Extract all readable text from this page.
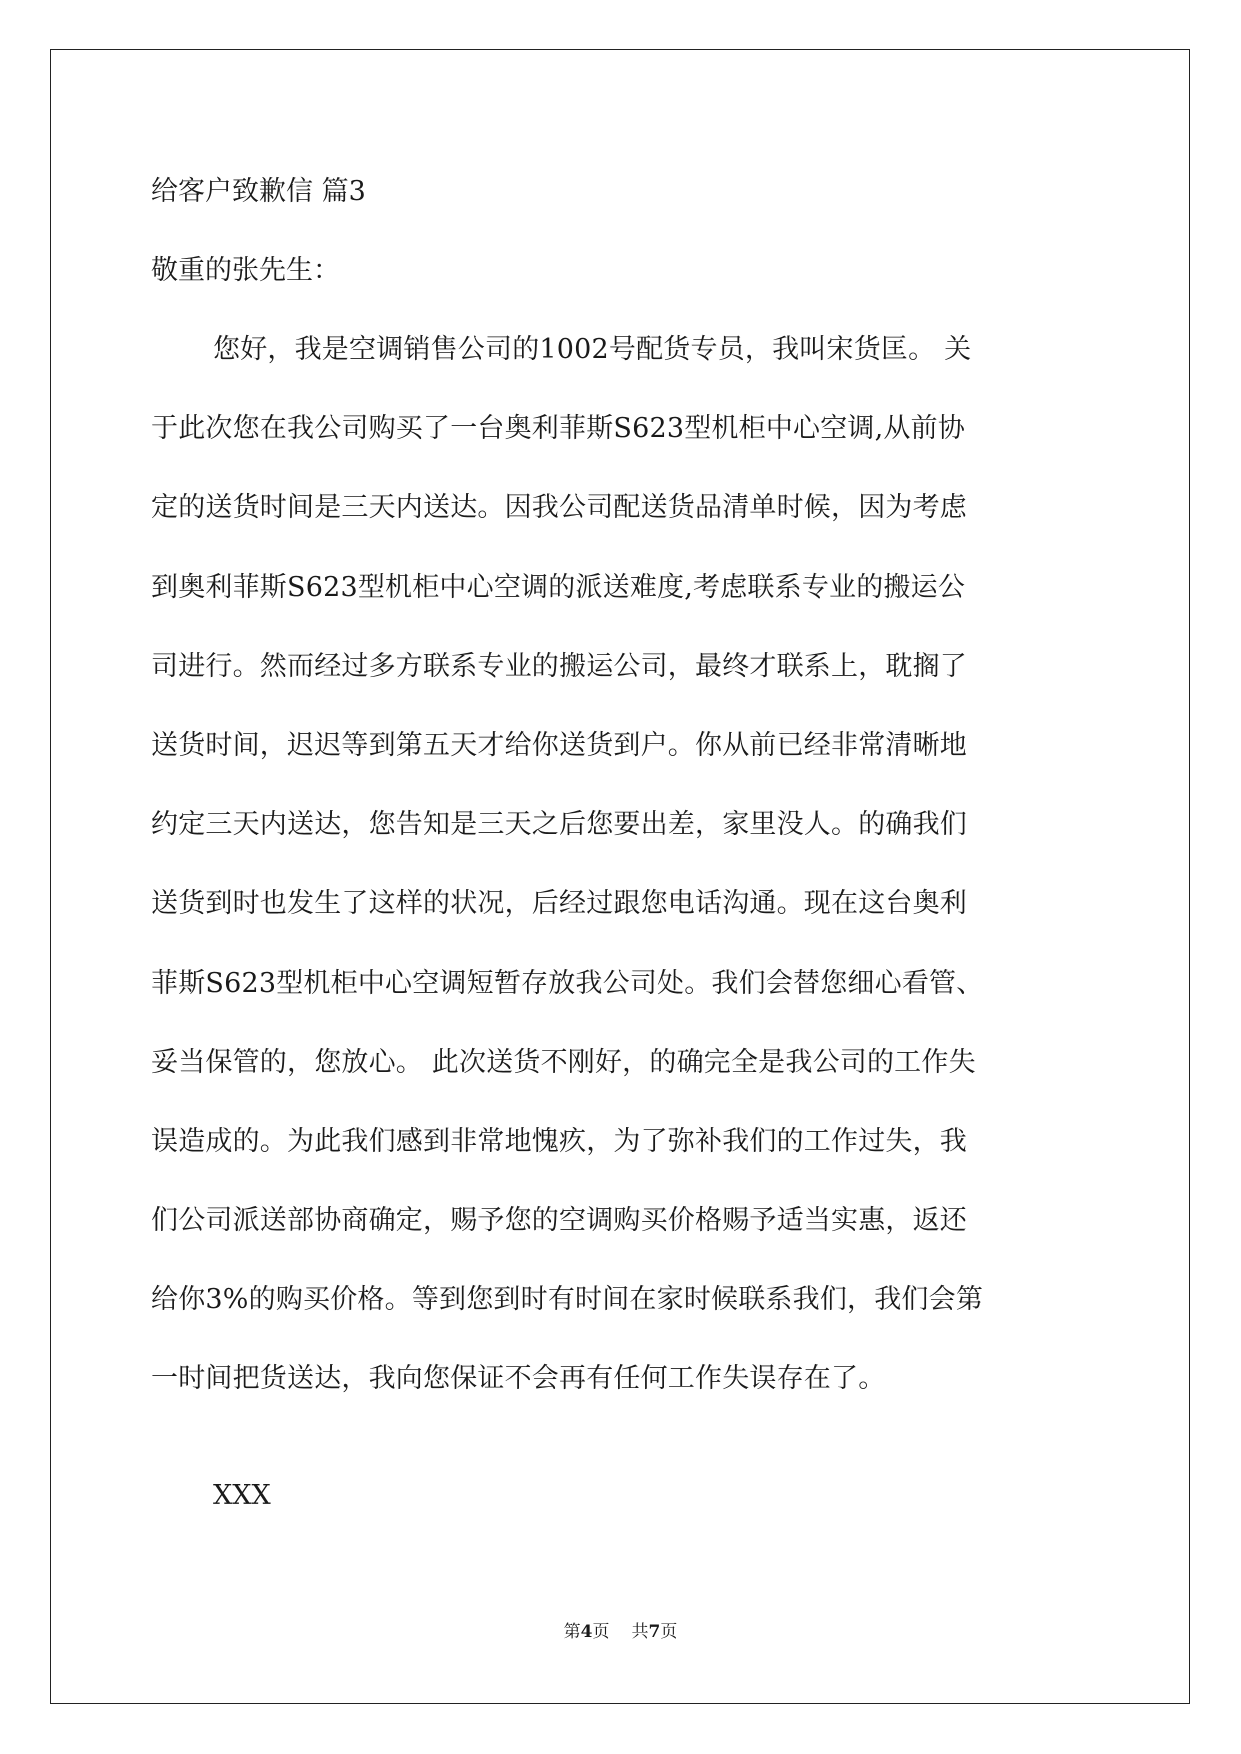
给客户致歉信 篇3
敬重的张先生：
您好，我是空调销售公司的1002号配货专员，我叫宋货匡。 关
于此次您在我公司购买了一台奥利菲斯S623型机柜中心空调,从前协
定的送货时间是三天内送达。因我公司配送货品清单时候，因为考虑
到奥利菲斯S623型机柜中心空调的派送难度,考虑联系专业的搬运公
司进行。然而经过多方联系专业的搬运公司，最终才联系上，耽搁了
送货时间，迟迟等到第五天才给你送货到户。你从前已经非常清晰地
约定三天内送达，您告知是三天之后您要出差，家里没人。的确我们
送货到时也发生了这样的状况，后经过跟您电话沟通。现在这台奥利
菲斯S623型机柜中心空调短暂存放我公司处。我们会替您细心看管、
妥当保管的，您放心。 此次送货不刚好，的确完全是我公司的工作失
误造成的。为此我们感到非常地愧疚，为了弥补我们的工作过失，我
们公司派送部协商确定，赐予您的空调购买价格赐予适当实惠，返还
给你3%的购买价格。等到您到时有时间在家时候联系我们，我们会第
一时间把货送达，我向您保证不会再有任何工作失误存在了。
XXX
第4页 共7页
